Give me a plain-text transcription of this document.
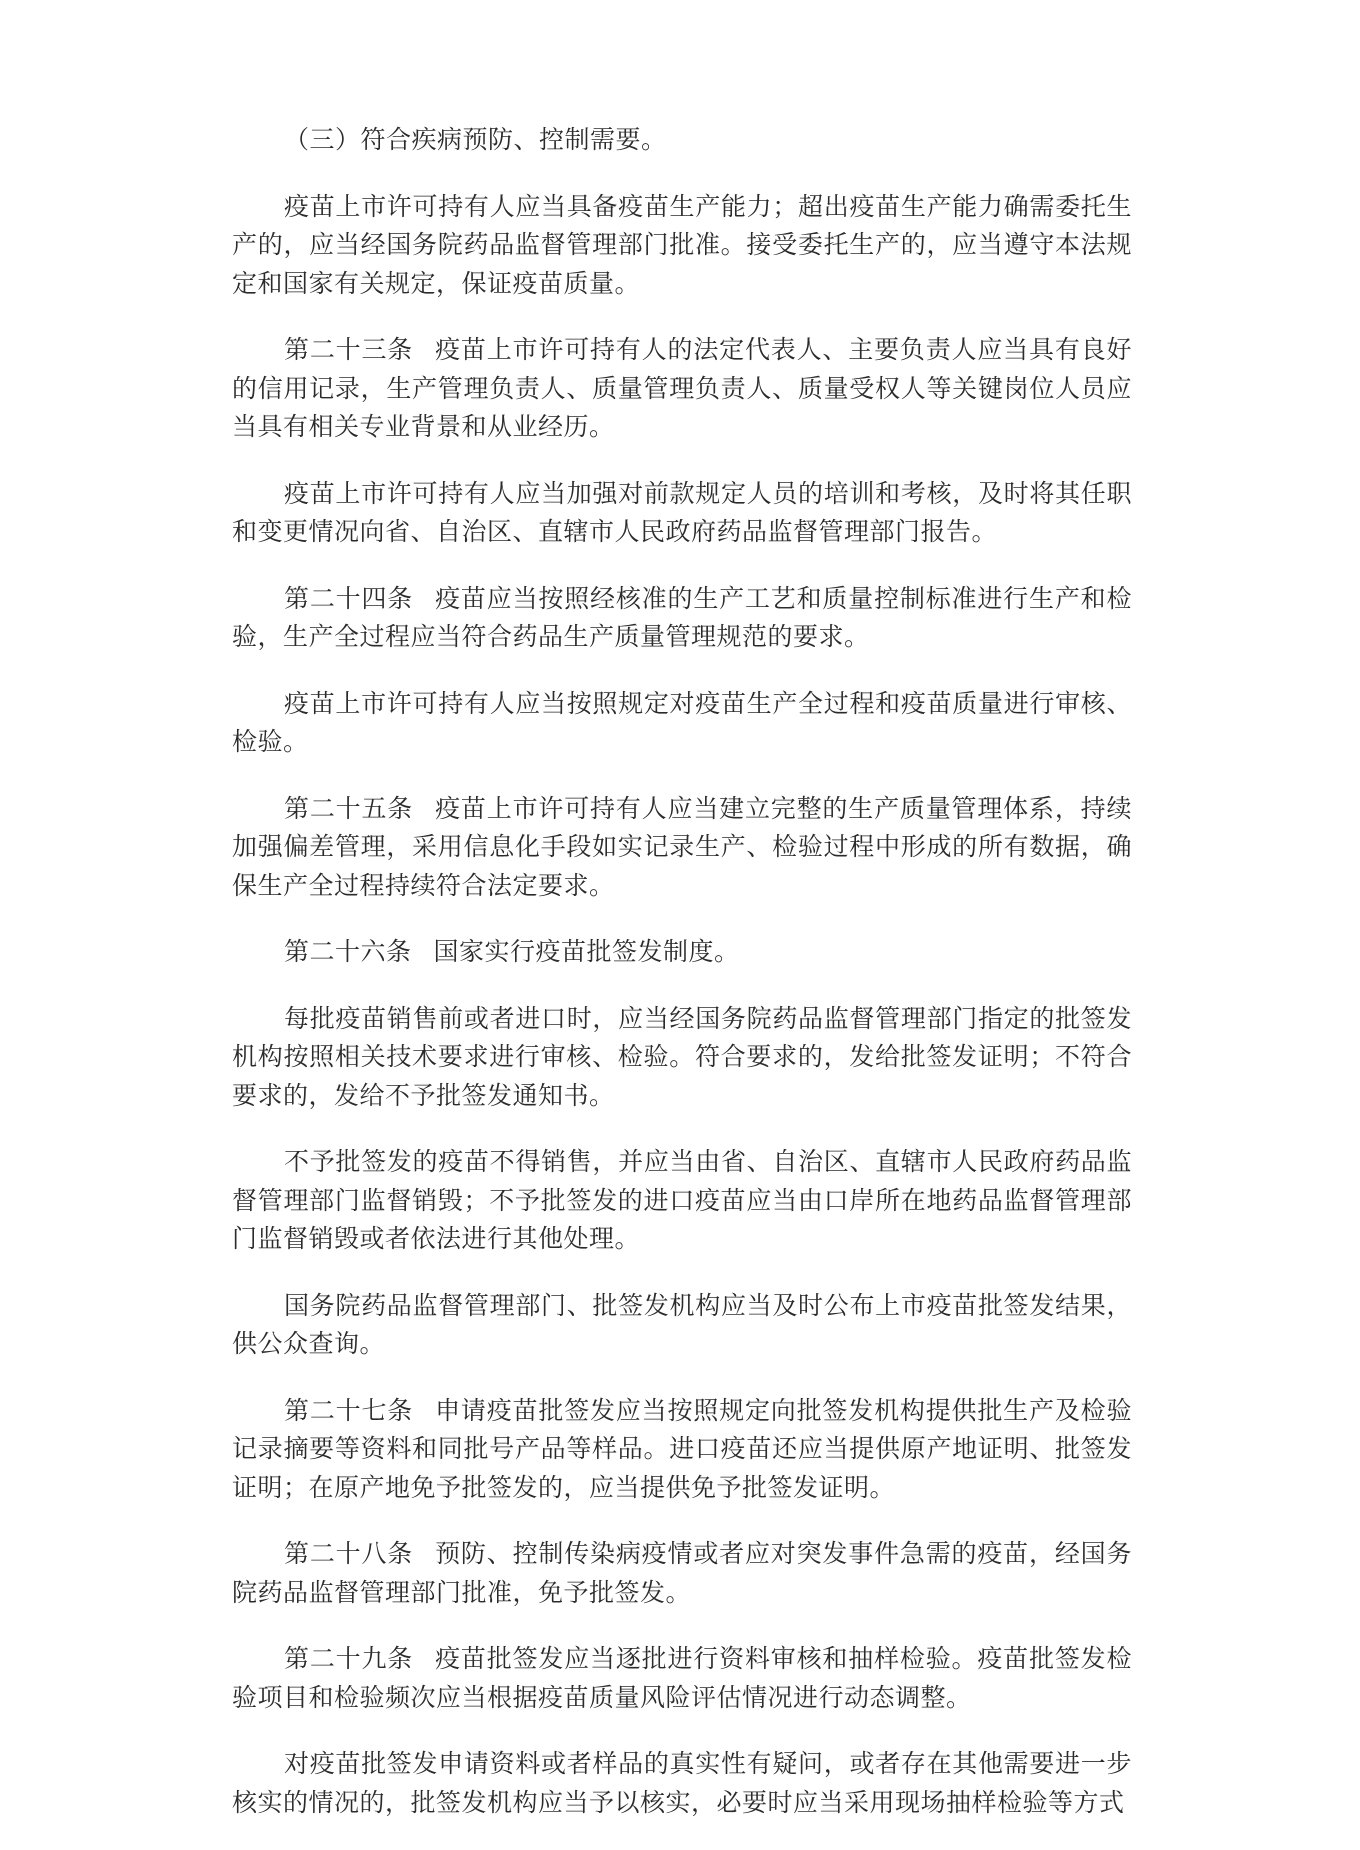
（三）符合疾病预防、控制需要。

疫苗上市许可持有人应当具备疫苗生产能力；超出疫苗生产能力确需委托生产的，应当经国务院药品监督管理部门批准。接受委托生产的，应当遵守本法规定和国家有关规定，保证疫苗质量。

第二十三条 疫苗上市许可持有人的法定代表人、主要负责人应当具有良好的信用记录，生产管理负责人、质量管理负责人、质量受权人等关键岗位人员应当具有相关专业背景和从业经历。

疫苗上市许可持有人应当加强对前款规定人员的培训和考核，及时将其任职和变更情况向省、自治区、直辖市人民政府药品监督管理部门报告。

第二十四条 疫苗应当按照经核准的生产工艺和质量控制标准进行生产和检验，生产全过程应当符合药品生产质量管理规范的要求。

疫苗上市许可持有人应当按照规定对疫苗生产全过程和疫苗质量进行审核、检验。

第二十五条 疫苗上市许可持有人应当建立完整的生产质量管理体系，持续加强偏差管理，采用信息化手段如实记录生产、检验过程中形成的所有数据，确保生产全过程持续符合法定要求。

第二十六条 国家实行疫苗批签发制度。

每批疫苗销售前或者进口时，应当经国务院药品监督管理部门指定的批签发机构按照相关技术要求进行审核、检验。符合要求的，发给批签发证明；不符合要求的，发给不予批签发通知书。

不予批签发的疫苗不得销售，并应当由省、自治区、直辖市人民政府药品监督管理部门监督销毁；不予批签发的进口疫苗应当由口岸所在地药品监督管理部门监督销毁或者依法进行其他处理。

国务院药品监督管理部门、批签发机构应当及时公布上市疫苗批签发结果，供公众查询。

第二十七条 申请疫苗批签发应当按照规定向批签发机构提供批生产及检验记录摘要等资料和同批号产品等样品。进口疫苗还应当提供原产地证明、批签发证明；在原产地免予批签发的，应当提供免予批签发证明。

第二十八条 预防、控制传染病疫情或者应对突发事件急需的疫苗，经国务院药品监督管理部门批准，免予批签发。

第二十九条 疫苗批签发应当逐批进行资料审核和抽样检验。疫苗批签发检验项目和检验频次应当根据疫苗质量风险评估情况进行动态调整。

对疫苗批签发申请资料或者样品的真实性有疑问，或者存在其他需要进一步核实的情况的，批签发机构应当予以核实，必要时应当采用现场抽样检验等方式
